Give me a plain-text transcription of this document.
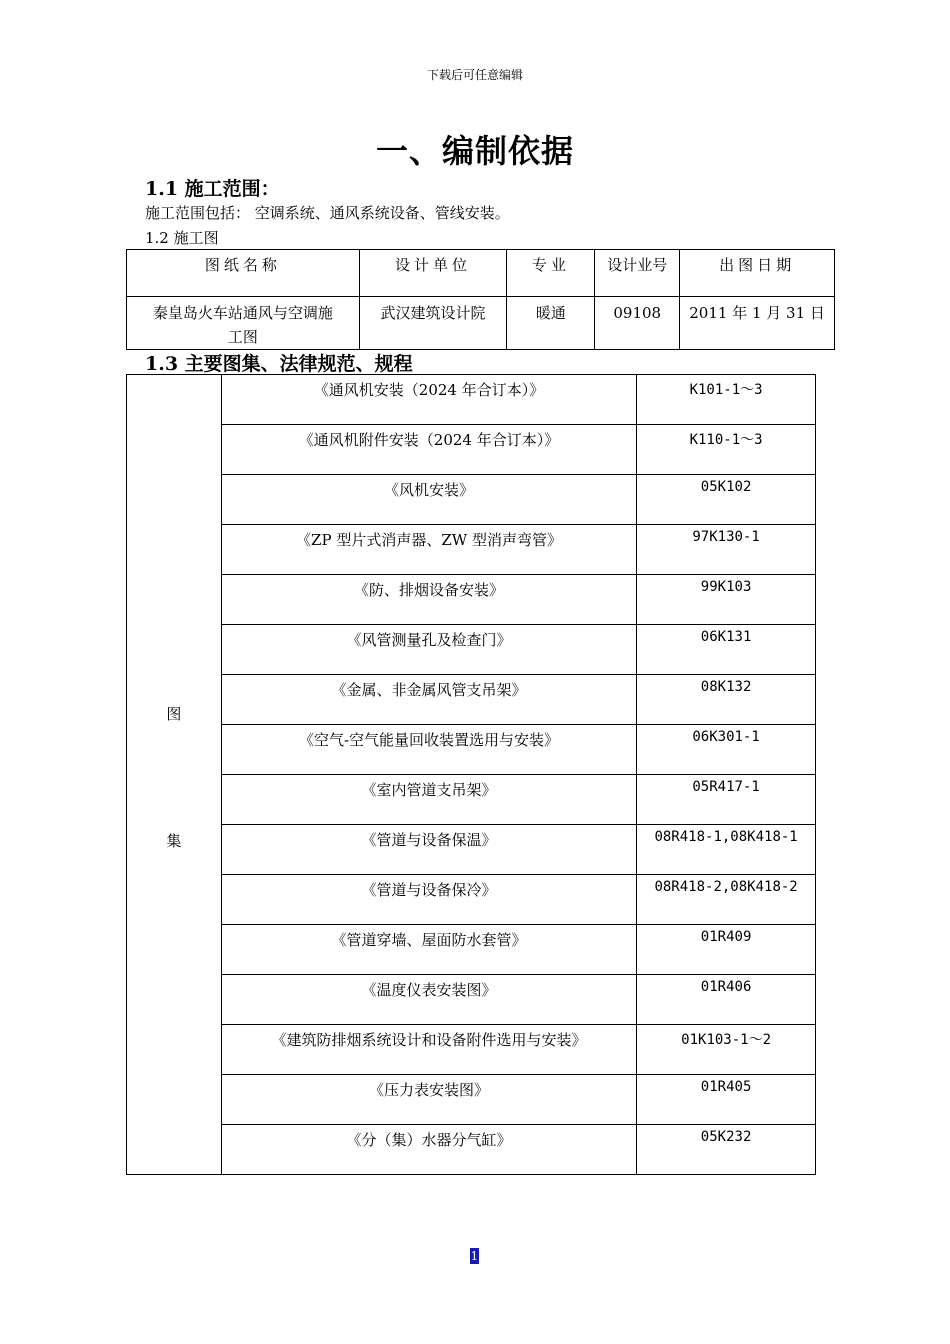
下载后可任意编辑
一、编制依据
1.1 施工范围：
施工范围包括： 空调系统、通风系统设备、管线安装。
1.2 施工图
图纸名称	设计单位	专业	设计业号	出图日期
秦皇岛火车站通风与空调施工图	武汉建筑设计院	暖通	09108	2011 年 1 月 31 日
1.3 主要图集、法律规范、规程
图
集	《通风机安装（2024 年合订本）》	K101-1～3
	《通风机附件安装（2024 年合订本）》	K110-1～3
	《风机安装》	05K102
	《ZP 型片式消声器、ZW 型消声弯管》	97K130-1
	《防、排烟设备安装》	99K103
	《风管测量孔及检查门》	06K131
	《金属、非金属风管支吊架》	08K132
	《空气-空气能量回收装置选用与安装》	06K301-1
	《室内管道支吊架》	05R417-1
	《管道与设备保温》	08R418-1,08K418-1
	《管道与设备保冷》	08R418-2,08K418-2
	《管道穿墙、屋面防水套管》	01R409
	《温度仪表安装图》	01R406
	《建筑防排烟系统设计和设备附件选用与安装》	01K103-1～2
	《压力表安装图》	01R405
	《分（集）水器分气缸》	05K232
1
